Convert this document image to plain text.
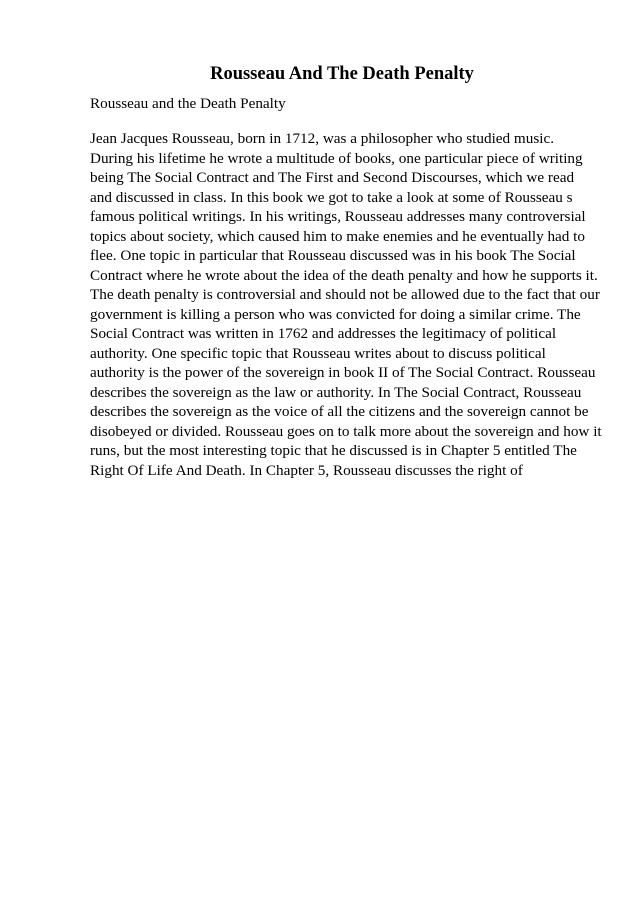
Rousseau And The Death Penalty
Rousseau and the Death Penalty
Jean Jacques Rousseau, born in 1712, was a philosopher who studied music.
During his lifetime he wrote a multitude of books, one particular piece of writing
being The Social Contract and The First and Second Discourses, which we read
and discussed in class. In this book we got to take a look at some of Rousseau s
famous political writings. In his writings, Rousseau addresses many controversial
topics about society, which caused him to make enemies and he eventually had to
flee. One topic in particular that Rousseau discussed was in his book The Social
Contract where he wrote about the idea of the death penalty and how he supports it.
The death penalty is controversial and should not be allowed due to the fact that our
government is killing a person who was convicted for doing a similar crime. The
Social Contract was written in 1762 and addresses the legitimacy of political
authority. One specific topic that Rousseau writes about to discuss political
authority is the power of the sovereign in book II of The Social Contract. Rousseau
describes the sovereign as the law or authority. In The Social Contract, Rousseau
describes the sovereign as the voice of all the citizens and the sovereign cannot be
disobeyed or divided. Rousseau goes on to talk more about the sovereign and how it
runs, but the most interesting topic that he discussed is in Chapter 5 entitled The
Right Of Life And Death. In Chapter 5, Rousseau discusses the right of
